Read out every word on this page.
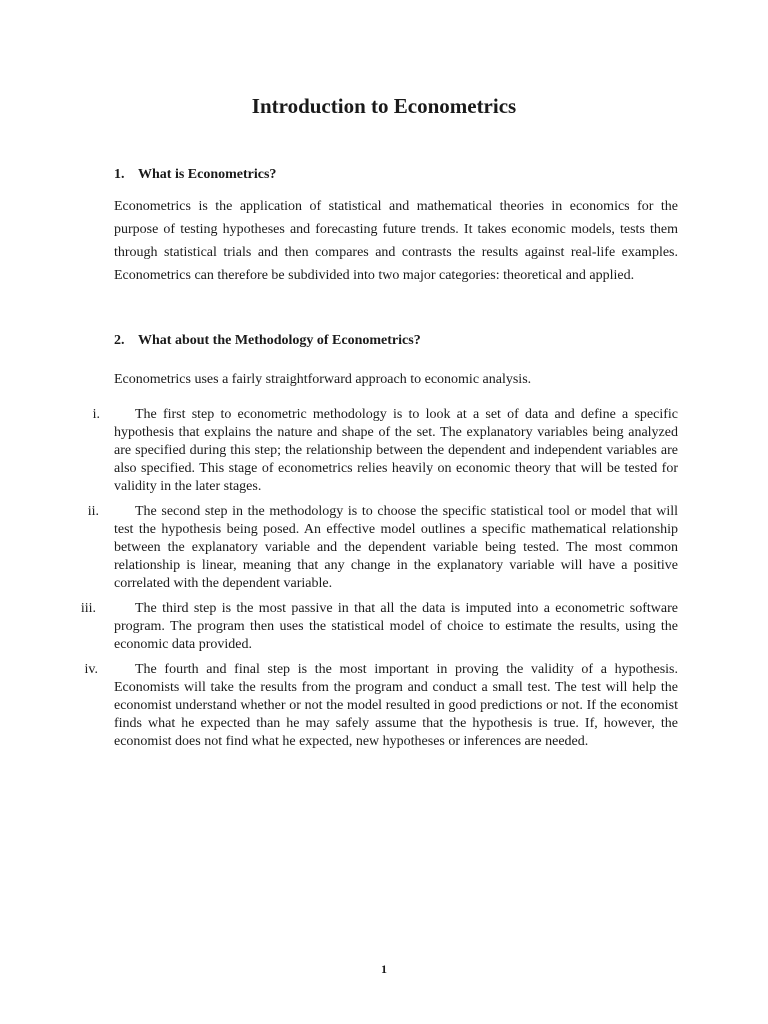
Introduction to Econometrics
1. What is Econometrics?

Econometrics is the application of statistical and mathematical theories in economics for the purpose of testing hypotheses and forecasting future trends. It takes economic models, tests them through statistical trials and then compares and contrasts the results against real-life examples. Econometrics can therefore be subdivided into two major categories: theoretical and applied.

2. What about the Methodology of Econometrics?

Econometrics uses a fairly straightforward approach to economic analysis.

i.	The first step to econometric methodology is to look at a set of data and define a specific hypothesis that explains the nature and shape of the set. The explanatory variables being analyzed are specified during this step; the relationship between the dependent and independent variables are also specified. This stage of econometrics relies heavily on economic theory that will be tested for validity in the later stages.
ii.	The second step in the methodology is to choose the specific statistical tool or model that will test the hypothesis being posed. An effective model outlines a specific mathematical relationship between the explanatory variable and the dependent variable being tested. The most common relationship is linear, meaning that any change in the explanatory variable will have a positive correlated with the dependent variable.
iii.	The third step is the most passive in that all the data is imputed into a econometric software program. The program then uses the statistical model of choice to estimate the results, using the economic data provided.
iv.	The fourth and final step is the most important in proving the validity of a hypothesis. Economists will take the results from the program and conduct a small test. The test will help the economist understand whether or not the model resulted in good predictions or not. If the economist finds what he expected than he may safely assume that the hypothesis is true. If, however, the economist does not find what he expected, new hypotheses or inferences are needed.

1
